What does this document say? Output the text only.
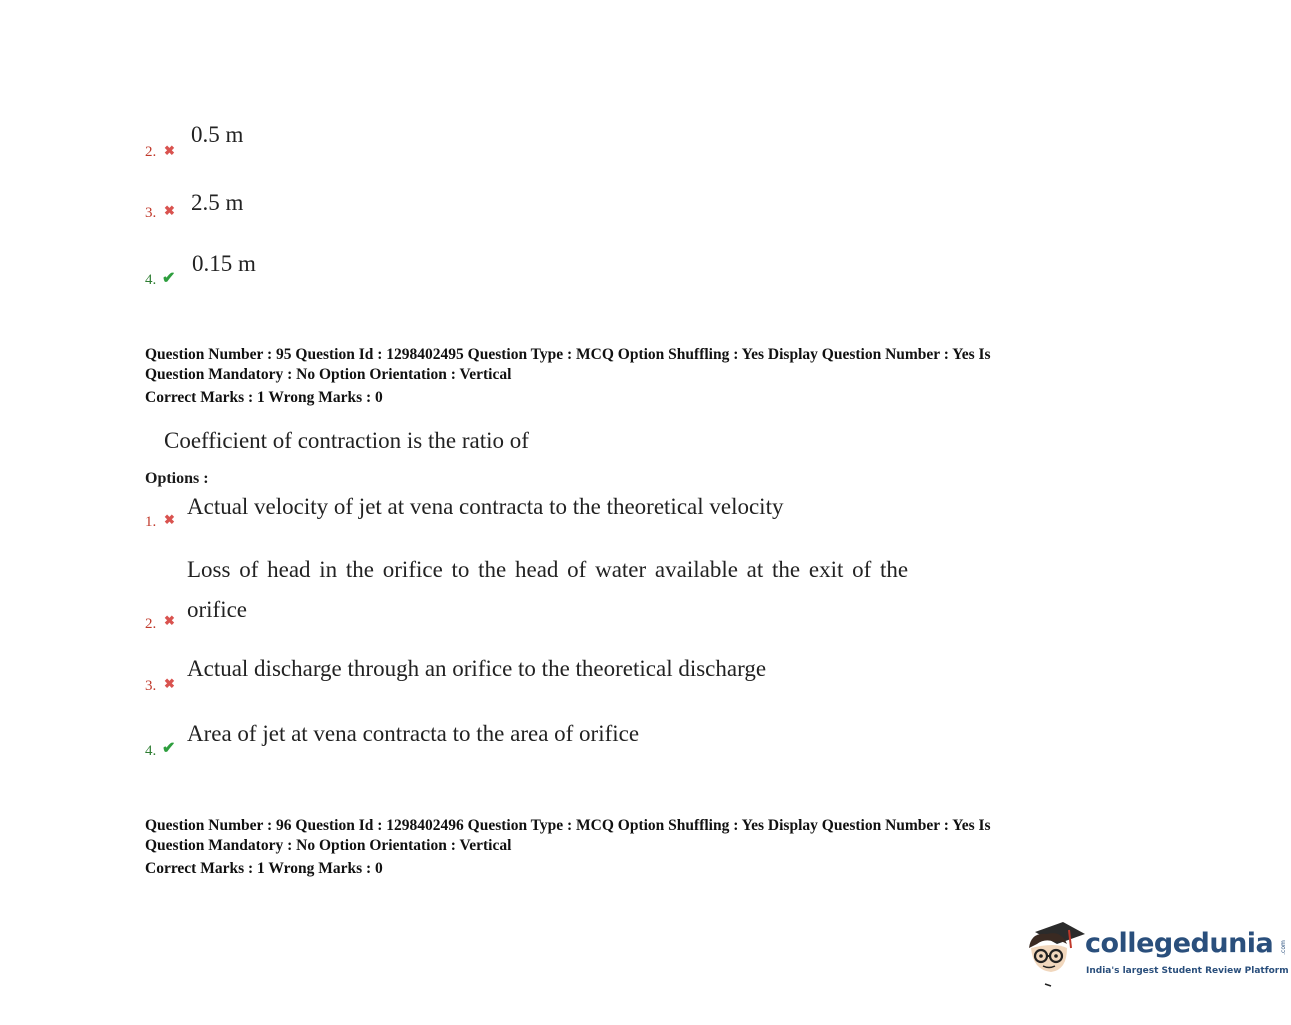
0.5 m
2. ✖
2.5 m
3. ✖
0.15 m
4. ✔
Question Number : 95 Question Id : 1298402495 Question Type : MCQ Option Shuffling : Yes Display Question Number : Yes Is
Question Mandatory : No Option Orientation : Vertical
Correct Marks : 1 Wrong Marks : 0
Coefficient of contraction is the ratio of
Options :
Actual velocity of jet at vena contracta to the theoretical velocity
1. ✖
Loss of head in the orifice to the head of water available at the exit of the
orifice
2. ✖
Actual discharge through an orifice to the theoretical discharge
3. ✖
Area of jet at vena contracta to the area of orifice
4. ✔
Question Number : 96 Question Id : 1298402496 Question Type : MCQ Option Shuffling : Yes Display Question Number : Yes Is
Question Mandatory : No Option Orientation : Vertical
Correct Marks : 1 Wrong Marks : 0
collegedunia .com
India's largest Student Review Platform
